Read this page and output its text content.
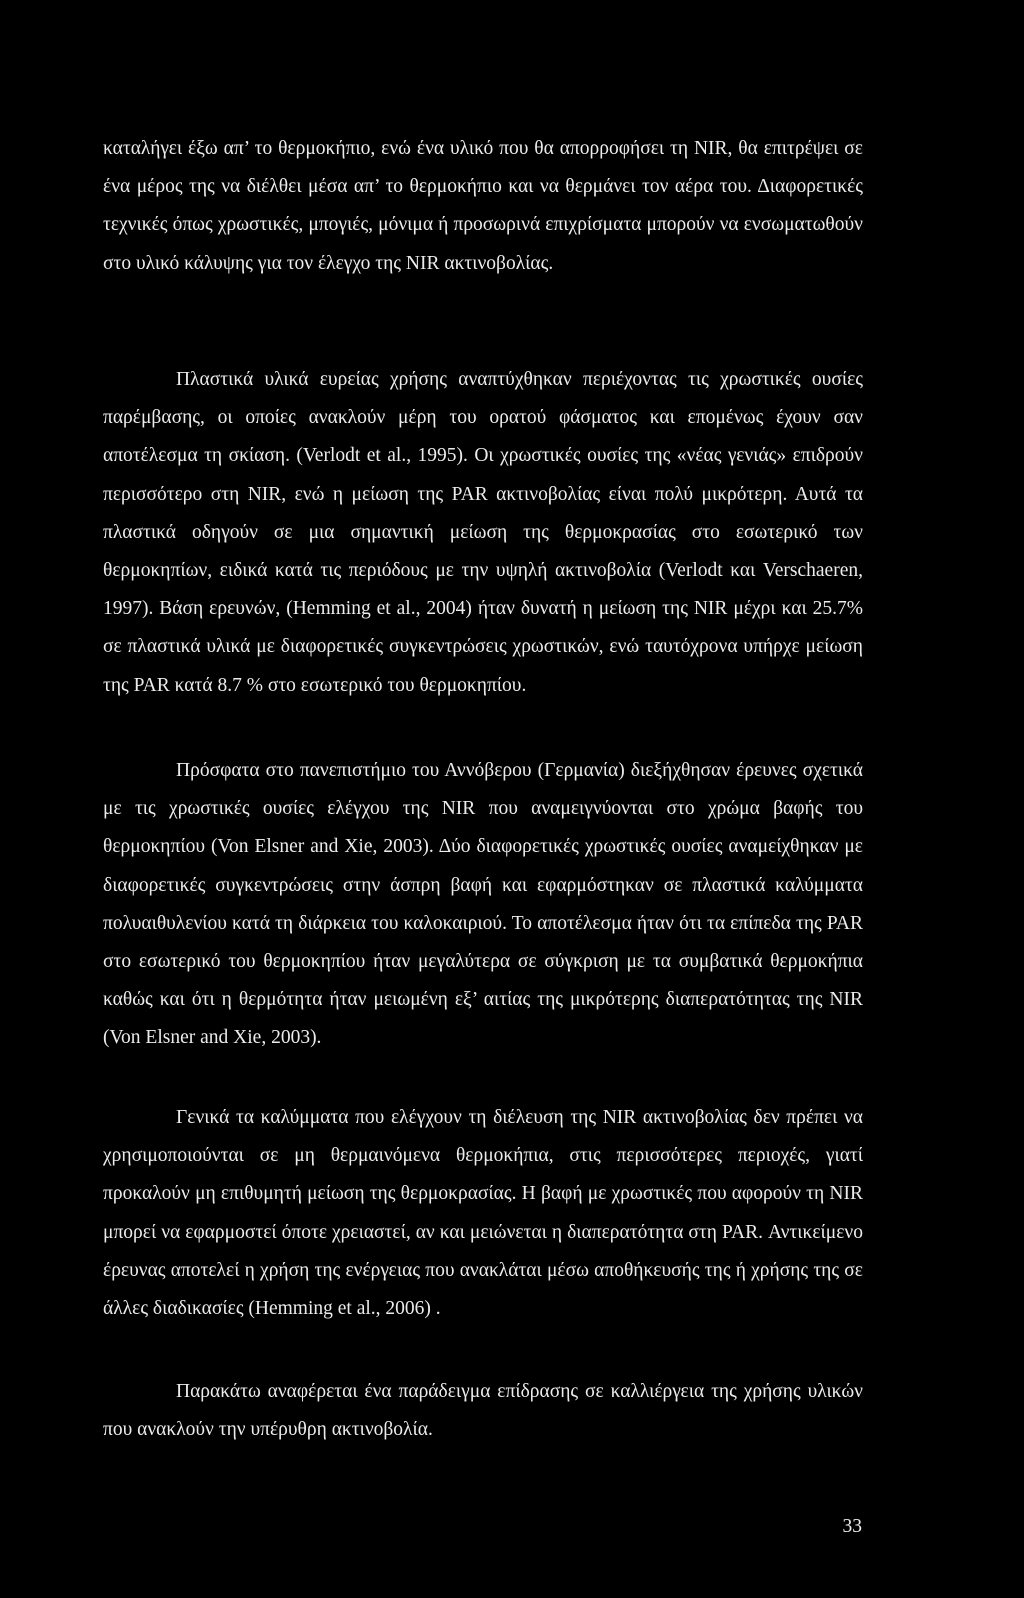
καταλήγει έξω απ’ το θερμοκήπιο, ενώ ένα υλικό που θα απορροφήσει τη NIR, θα επιτρέψει σε ένα μέρος της να διέλθει μέσα απ’ το θερμοκήπιο και να θερμάνει τον αέρα του. Διαφορετικές τεχνικές όπως χρωστικές, μπογιές, μόνιμα ή προσωρινά επιχρίσματα μπορούν να ενσωματωθούν στο υλικό κάλυψης για τον έλεγχο της NIR ακτινοβολίας.

Πλαστικά υλικά ευρείας χρήσης αναπτύχθηκαν περιέχοντας τις χρωστικές ουσίες παρέμβασης, οι οποίες ανακλούν μέρη του ορατού φάσματος και επομένως έχουν σαν αποτέλεσμα τη σκίαση. (Verlodt et al., 1995). Οι χρωστικές ουσίες της «νέας γενιάς» επιδρούν περισσότερο στη NIR, ενώ η μείωση της PAR ακτινοβολίας είναι πολύ μικρότερη. Αυτά τα πλαστικά οδηγούν σε μια σημαντική μείωση της θερμοκρασίας στο εσωτερικό των θερμοκηπίων, ειδικά κατά τις περιόδους με την υψηλή ακτινοβολία (Verlodt και Verschaeren, 1997). Βάση ερευνών, (Hemming et al., 2004) ήταν δυνατή η μείωση της NIR μέχρι και 25.7% σε πλαστικά υλικά με διαφορετικές συγκεντρώσεις χρωστικών, ενώ ταυτόχρονα υπήρχε μείωση της PAR κατά 8.7 % στο εσωτερικό του θερμοκηπίου.

Πρόσφατα στο πανεπιστήμιο του Αννόβερου (Γερμανία) διεξήχθησαν έρευνες σχετικά με τις χρωστικές ουσίες ελέγχου της NIR που αναμειγνύονται στο χρώμα βαφής του θερμοκηπίου (Von Elsner and Xie, 2003). Δύο διαφορετικές χρωστικές ουσίες αναμείχθηκαν με διαφορετικές συγκεντρώσεις στην άσπρη βαφή και εφαρμόστηκαν σε πλαστικά καλύμματα πολυαιθυλενίου κατά τη διάρκεια του καλοκαιριού. Το αποτέλεσμα ήταν ότι τα επίπεδα της PAR στο εσωτερικό του θερμοκηπίου ήταν μεγαλύτερα σε σύγκριση με τα συμβατικά θερμοκήπια καθώς και ότι η θερμότητα ήταν μειωμένη εξ’ αιτίας της μικρότερης διαπερατότητας της NIR (Von Elsner and Xie, 2003).

Γενικά τα καλύμματα που ελέγχουν τη διέλευση της NIR ακτινοβολίας δεν πρέπει να χρησιμοποιούνται σε μη θερμαινόμενα θερμοκήπια, στις περισσότερες περιοχές, γιατί προκαλούν μη επιθυμητή μείωση της θερμοκρασίας. Η βαφή με χρωστικές που αφορούν τη NIR μπορεί να εφαρμοστεί όποτε χρειαστεί, αν και μειώνεται η διαπερατότητα στη PAR. Αντικείμενο έρευνας αποτελεί η χρήση της ενέργειας που ανακλάται μέσω αποθήκευσής της ή χρήσης της σε άλλες διαδικασίες (Hemming et al., 2006) .

Παρακάτω αναφέρεται ένα παράδειγμα επίδρασης σε καλλιέργεια της χρήσης υλικών που ανακλούν την υπέρυθρη ακτινοβολία.

33
